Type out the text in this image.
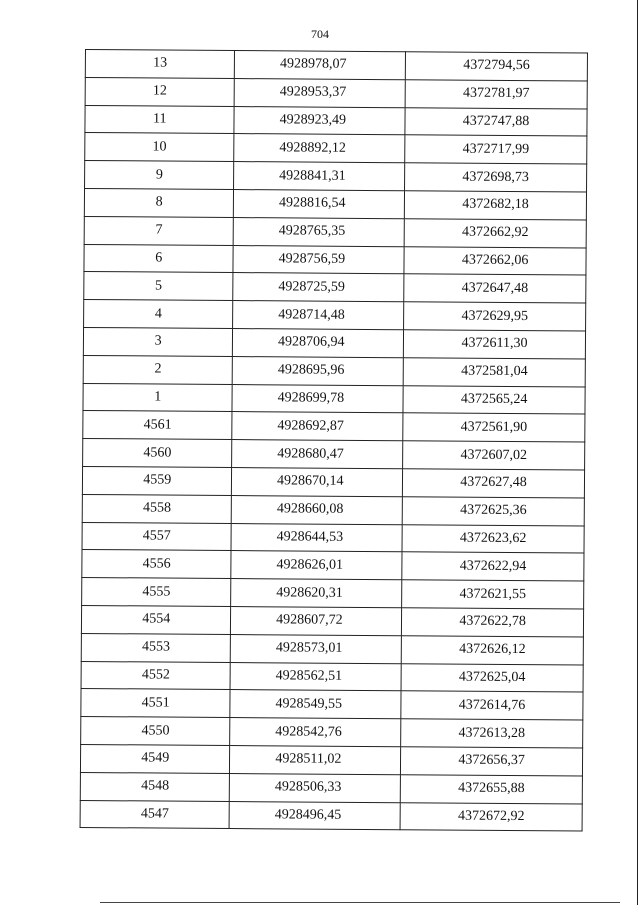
704
13	4928978,07	4372794,56
12	4928953,37	4372781,97
11	4928923,49	4372747,88
10	4928892,12	4372717,99
9	4928841,31	4372698,73
8	4928816,54	4372682,18
7	4928765,35	4372662,92
6	4928756,59	4372662,06
5	4928725,59	4372647,48
4	4928714,48	4372629,95
3	4928706,94	4372611,30
2	4928695,96	4372581,04
1	4928699,78	4372565,24
4561	4928692,87	4372561,90
4560	4928680,47	4372607,02
4559	4928670,14	4372627,48
4558	4928660,08	4372625,36
4557	4928644,53	4372623,62
4556	4928626,01	4372622,94
4555	4928620,31	4372621,55
4554	4928607,72	4372622,78
4553	4928573,01	4372626,12
4552	4928562,51	4372625,04
4551	4928549,55	4372614,76
4550	4928542,76	4372613,28
4549	4928511,02	4372656,37
4548	4928506,33	4372655,88
4547	4928496,45	4372672,92
